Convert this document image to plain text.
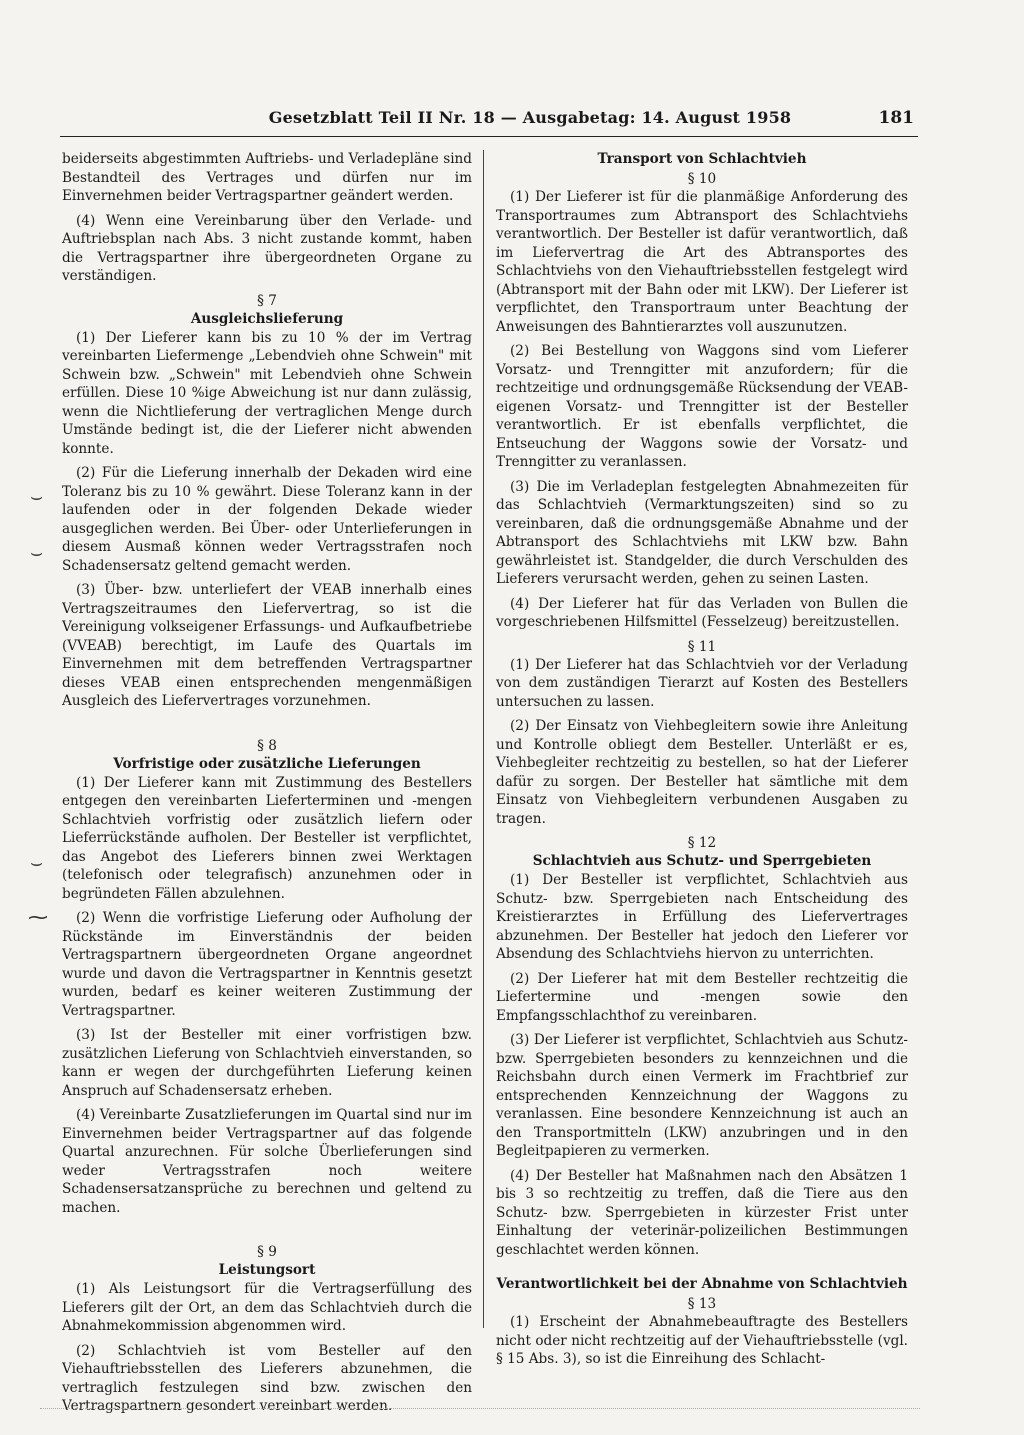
Gesetzblatt Teil II Nr. 18 — Ausgabetag: 14. August 1958	181

beiderseits abgestimmten Auftriebs- und Verladepläne sind Bestandteil des Vertrages und dürfen nur im Einvernehmen beider Vertragspartner geändert werden.

(4) Wenn eine Vereinbarung über den Verlade- und Auftriebsplan nach Abs. 3 nicht zustande kommt, haben die Vertragspartner ihre übergeordneten Organe zu verständigen.

§ 7
Ausgleichslieferung

(1) Der Lieferer kann bis zu 10 % der im Vertrag vereinbarten Liefermenge „Lebendvieh ohne Schwein" mit Schwein bzw. „Schwein" mit Lebendvieh ohne Schwein erfüllen. Diese 10 %ige Abweichung ist nur dann zulässig, wenn die Nichtlieferung der vertraglichen Menge durch Umstände bedingt ist, die der Lieferer nicht abwenden konnte.

(2) Für die Lieferung innerhalb der Dekaden wird eine Toleranz bis zu 10 % gewährt. Diese Toleranz kann in der laufenden oder in der folgenden Dekade wieder ausgeglichen werden. Bei Über- oder Unterlieferungen in diesem Ausmaß können weder Vertragsstrafen noch Schadensersatz geltend gemacht werden.

(3) Über- bzw. unterliefert der VEAB innerhalb eines Vertragszeitraumes den Liefervertrag, so ist die Vereinigung volkseigener Erfassungs- und Aufkaufbetriebe (VVEAB) berechtigt, im Laufe des Quartals im Einvernehmen mit dem betreffenden Vertragspartner dieses VEAB einen entsprechenden mengenmäßigen Ausgleich des Liefervertrages vorzunehmen.

§ 8
Vorfristige oder zusätzliche Lieferungen

(1) Der Lieferer kann mit Zustimmung des Bestellers entgegen den vereinbarten Lieferterminen und -mengen Schlachtvieh vorfristig oder zusätzlich liefern oder Lieferrückstände aufholen. Der Besteller ist verpflichtet, das Angebot des Lieferers binnen zwei Werktagen (telefonisch oder telegrafisch) anzunehmen oder in begründeten Fällen abzulehnen.

(2) Wenn die vorfristige Lieferung oder Aufholung der Rückstände im Einverständnis der beiden Vertragspartnern übergeordneten Organe angeordnet wurde und davon die Vertragspartner in Kenntnis gesetzt wurden, bedarf es keiner weiteren Zustimmung der Vertragspartner.

(3) Ist der Besteller mit einer vorfristigen bzw. zusätzlichen Lieferung von Schlachtvieh einverstanden, so kann er wegen der durchgeführten Lieferung keinen Anspruch auf Schadensersatz erheben.

(4) Vereinbarte Zusatzlieferungen im Quartal sind nur im Einvernehmen beider Vertragspartner auf das folgende Quartal anzurechnen. Für solche Überlieferungen sind weder Vertragsstrafen noch weitere Schadensersatzansprüche zu berechnen und geltend zu machen.

§ 9
Leistungsort

(1) Als Leistungsort für die Vertragserfüllung des Lieferers gilt der Ort, an dem das Schlachtvieh durch die Abnahmekommission abgenommen wird.

(2) Schlachtvieh ist vom Besteller auf den Viehauftriebsstellen des Lieferers abzunehmen, die vertraglich festzulegen sind bzw. zwischen den Vertragspartnern gesondert vereinbart werden.

Transport von Schlachtvieh
§ 10

(1) Der Lieferer ist für die planmäßige Anforderung des Transportraumes zum Abtransport des Schlachtviehs verantwortlich. Der Besteller ist dafür verantwortlich, daß im Liefervertrag die Art des Abtransportes des Schlachtviehs von den Viehauftriebsstellen festgelegt wird (Abtransport mit der Bahn oder mit LKW). Der Lieferer ist verpflichtet, den Transportraum unter Beachtung der Anweisungen des Bahntierarztes voll auszunutzen.

(2) Bei Bestellung von Waggons sind vom Lieferer Vorsatz- und Trenngitter mit anzufordern; für die rechtzeitige und ordnungsgemäße Rücksendung der VEAB-eigenen Vorsatz- und Trenngitter ist der Besteller verantwortlich. Er ist ebenfalls verpflichtet, die Entseuchung der Waggons sowie der Vorsatz- und Trenngitter zu veranlassen.

(3) Die im Verladeplan festgelegten Abnahmezeiten für das Schlachtvieh (Vermarktungszeiten) sind so zu vereinbaren, daß die ordnungsgemäße Abnahme und der Abtransport des Schlachtviehs mit LKW bzw. Bahn gewährleistet ist. Standgelder, die durch Verschulden des Lieferers verursacht werden, gehen zu seinen Lasten.

(4) Der Lieferer hat für das Verladen von Bullen die vorgeschriebenen Hilfsmittel (Fesselzeug) bereitzustellen.

§ 11

(1) Der Lieferer hat das Schlachtvieh vor der Verladung von dem zuständigen Tierarzt auf Kosten des Bestellers untersuchen zu lassen.

(2) Der Einsatz von Viehbegleitern sowie ihre Anleitung und Kontrolle obliegt dem Besteller. Unterläßt er es, Viehbegleiter rechtzeitig zu bestellen, so hat der Lieferer dafür zu sorgen. Der Besteller hat sämtliche mit dem Einsatz von Viehbegleitern verbundenen Ausgaben zu tragen.

§ 12
Schlachtvieh aus Schutz- und Sperrgebieten

(1) Der Besteller ist verpflichtet, Schlachtvieh aus Schutz- bzw. Sperrgebieten nach Entscheidung des Kreistierarztes in Erfüllung des Liefervertrages abzunehmen. Der Besteller hat jedoch den Lieferer vor Absendung des Schlachtviehs hiervon zu unterrichten.

(2) Der Lieferer hat mit dem Besteller rechtzeitig die Liefertermine und -mengen sowie den Empfangsschlachthof zu vereinbaren.

(3) Der Lieferer ist verpflichtet, Schlachtvieh aus Schutz- bzw. Sperrgebieten besonders zu kennzeichnen und die Reichsbahn durch einen Vermerk im Frachtbrief zur entsprechenden Kennzeichnung der Waggons zu veranlassen. Eine besondere Kennzeichnung ist auch an den Transportmitteln (LKW) anzubringen und in den Begleitpapieren zu vermerken.

(4) Der Besteller hat Maßnahmen nach den Absätzen 1 bis 3 so rechtzeitig zu treffen, daß die Tiere aus den Schutz- bzw. Sperrgebieten in kürzester Frist unter Einhaltung der veterinär-polizeilichen Bestimmungen geschlachtet werden können.

Verantwortlichkeit bei der Abnahme von Schlachtvieh
§ 13

(1) Erscheint der Abnahmebeauftragte des Bestellers nicht oder nicht rechtzeitig auf der Viehauftriebsstelle (vgl. § 15 Abs. 3), so ist die Einreihung des Schlacht-

⌣
⌣
⌣
⁓
